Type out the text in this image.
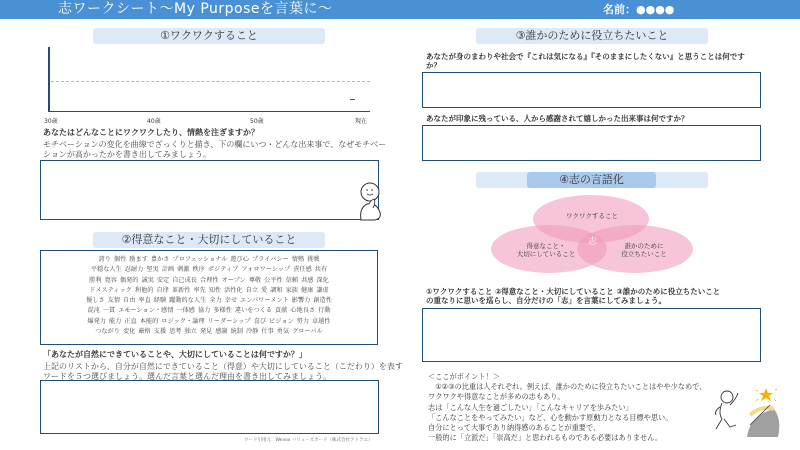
志ワークシート〜My Purposeを言葉に〜	名前：●●●●
①ワクワクすること
30歳	40歳	50歳	現在
あなたはどんなことにワクワクしたり、情熱を注ぎますか？
モチベーションの変化を曲線でざっくりと描き、下の欄にいつ・どんな出来事で、なぜモチベー
ションが高かったかを書き出してみましょう。
②得意なこと・大切にしていること
誇り 個性 励ます 豊かさ プロフェッショナル 遊び心 プライバシー 情熱 挑戦
平穏な人生 忍耐力 堅実 計画 刺激 秩序 ポジティブ フォロワーシップ 責任感 共有
勝利 寛容 偶発的 誠実 安定 自己成長 合理性 オープン 尊敬 公平性 信頼 共感 深化
ドメスティック 利他的 自律 革新性 率先 知性 活性化 自立 愛 調和 家族 健康 謙虚
優しさ 友情 自由 率直 経験 躍動的な人生 全力 幸せ エンパワーメント 影響力 創造性
混沌 一貫 エモーション・感情 一体感 協力 多様性 違いをつくる 貢献 心地良さ 行動
爆発力 能力 正直 本能的 ロジック・論理 リーダーシップ 喜び ビジョン 努力 卓越性
つながり 変化 厳格 支援 思考 独立 発見 感謝 統制 冷静 仕事 勇気 グローバル
「あなたが自然にできていることや、大切にしていることは何ですか？」
上記のリストから、自分が自然にできていること（得意）や大切にしていること（こだわり）を表す
ワードを５つ選びましょう。選んだ言葉と選んだ理由を書き出してみましょう。
ワード引用元：Wevox バリューズカード（株式会社アトラエ）
③誰かのために役立ちたいこと
あなたが身のまわりや社会で『これは気になる』『そのままにしたくない』と思うことは何です
か？
あなたが印象に残っている、人から感謝されて嬉しかった出来事は何ですか？
④志の言語化
ワクワクすること
得意なこと・
大切にしていること
誰かのために
役立ちたいこと
志
①ワクワクすること ②得意なこと・大切にしていること ③誰かのために役立ちたいこと
の重なりに思いを巡らし、自分だけの「志」を言葉にしてみましょう。
＜ここがポイント！＞
　①②③の比重は人それぞれ。例えば、誰かのために役立ちたいことはやや少なめで、
ワクワクや得意なことが多めの志もあり。
志は「こんな人生を過ごしたい」「こんなキャリアを歩みたい」
「こんなことをやってみたい」など、心を動かす原動力となる目標や思い。
自分にとって大事であり納得感のあることが重要で、
一般的に「立派だ」「崇高だ」と思われるものである必要はありません。
